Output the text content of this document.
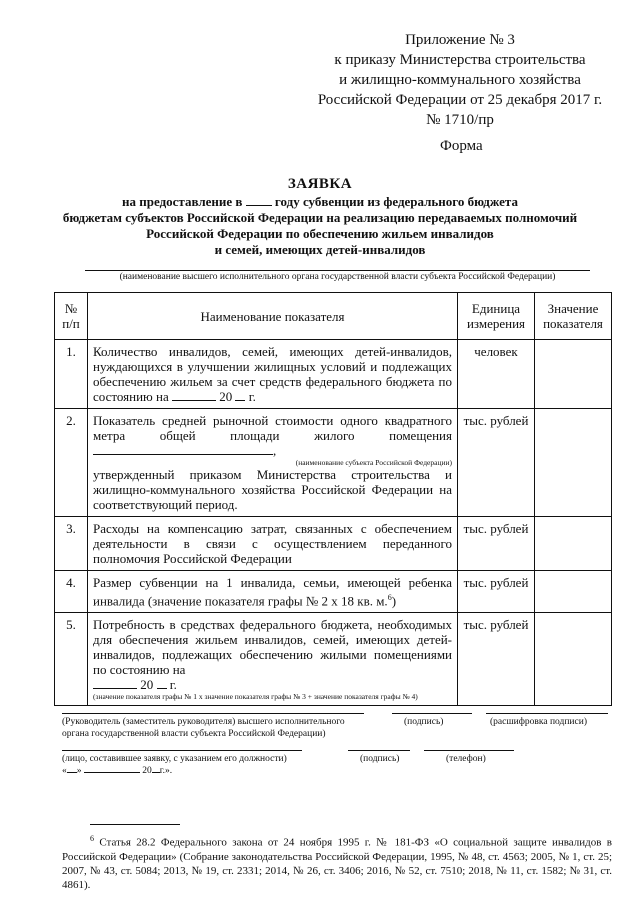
Приложение № 3
к приказу Министерства строительства
и жилищно-коммунального хозяйства
Российской Федерации от 25 декабря 2017 г.
№ 1710/пр
Форма
ЗАЯВКА
на предоставление в	году субвенции из федерального бюджета
бюджетам субъектов Российской Федерации на реализацию передаваемых полномочий
Российской Федерации по обеспечению жильем инвалидов
и семей, имеющих детей-инвалидов
(наименование высшего исполнительного органа государственной власти субъекта Российской Федерации)
№ п/п	Наименование показателя	Единица измерения	Значение показателя
1.	Количество инвалидов, семей, имеющих детей-инвалидов, нуждающихся в улучшении жилищных условий и подлежащих обеспечению жильем за счет средств федерального бюджета по состоянию на 20 г.	человек	
2.	Показатель средней рыночной стоимости одного квадратного метра общей площади жилого помещения ,
(наименование субъекта Российской Федерации)
утвержденный приказом Министерства строительства и жилищно-коммунального хозяйства Российской Федерации на соответствующий период.	тыс. рублей	
3.	Расходы на компенсацию затрат, связанных с обеспечением деятельности в связи с осуществлением переданного полномочия Российской Федерации	тыс. рублей	
4.	Размер субвенции на 1 инвалида, семьи, имеющей ребенка инвалида (значение показателя графы № 2 х 18 кв. м.$^6$)	тыс. рублей	
5.	Потребность в средствах федерального бюджета, необходимых для обеспечения жильем инвалидов, семей, имеющих детей-инвалидов, подлежащих обеспечению жилыми помещениями по состоянию на
20 г.
(значение показателя графы № 1 х значение показателя графы № 3 + значение показателя графы № 4)	тыс. рублей	
(Руководитель (заместитель руководителя) высшего исполнительного органа государственной власти субъекта Российской Федерации)
(подпись)	(расшифровка подписи)
(лицо, составившее заявку, с указанием его должности)	(подпись)	(телефон)
« »	20 г.».
$^6$ Статья 28.2 Федерального закона от 24 ноября 1995 г. № 181-ФЗ «О социальной защите инвалидов в Российской Федерации» (Собрание законодательства Российской Федерации, 1995, № 48, ст. 4563; 2005, № 1, ст. 25; 2007, № 43, ст. 5084; 2013, № 19, ст. 2331; 2014, № 26, ст. 3406; 2016, № 52, ст. 7510; 2018, № 11, ст. 1582; № 31, ст. 4861).
